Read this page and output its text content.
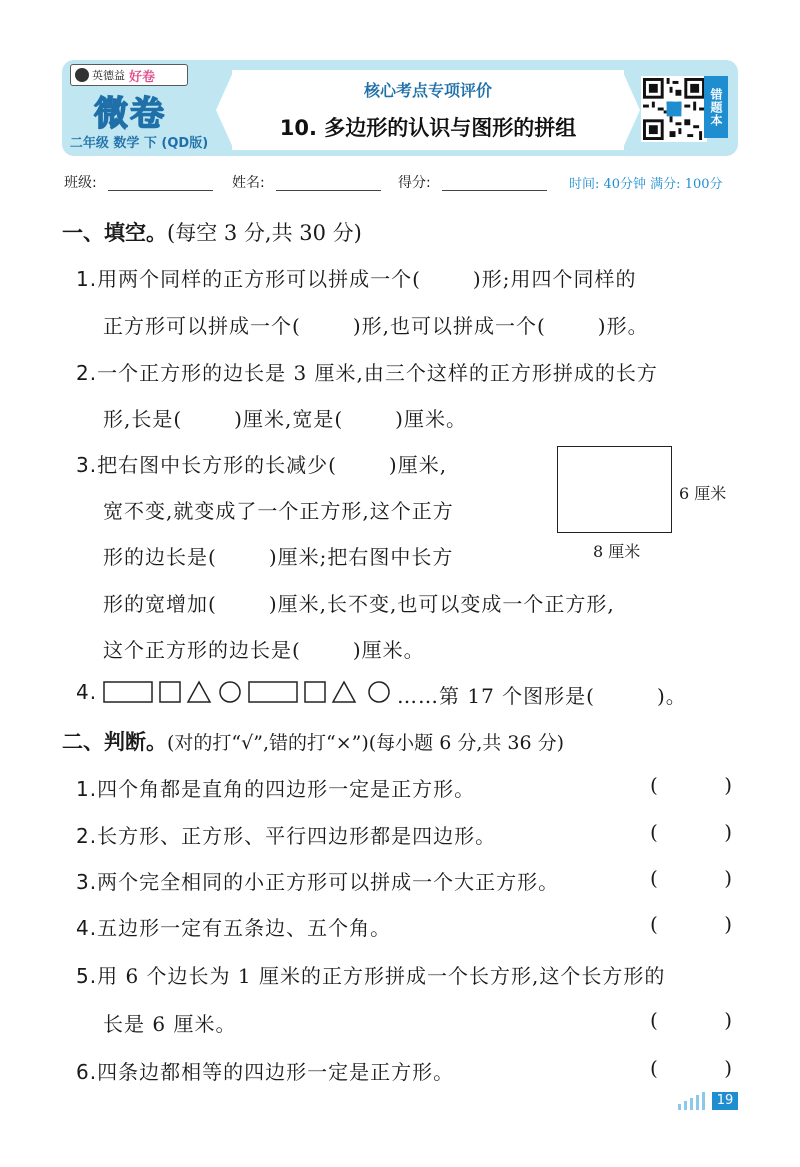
英德益 好卷
微卷
二年级 数学 下 (QD版)
核心考点专项评价
10. 多边形的认识与图形的拼组
错题本
班级:	姓名:	得分:	时间: 40分钟 满分: 100分
一、填空。(每空 3 分,共 30 分)
1.用两个同样的正方形可以拼成一个(	)形;用四个同样的
正方形可以拼成一个(	)形,也可以拼成一个(	)形。
2.一个正方形的边长是 3 厘米,由三个这样的正方形拼成的长方
形,长是(	)厘米,宽是(	)厘米。
3.把右图中长方形的长减少(	)厘米,
宽不变,就变成了一个正方形,这个正方
形的边长是(	)厘米;把右图中长方
形的宽增加(	)厘米,长不变,也可以变成一个正方形,
这个正方形的边长是(	)厘米。
6 厘米
8 厘米
4.	……第 17 个图形是(	)。
二、判断。(对的打“√”,错的打“×”)(每小题 6 分,共 36 分)
1.四个角都是直角的四边形一定是正方形。	(	)
2.长方形、正方形、平行四边形都是四边形。	(	)
3.两个完全相同的小正方形可以拼成一个大正方形。	(	)
4.五边形一定有五条边、五个角。	(	)
5.用 6 个边长为 1 厘米的正方形拼成一个长方形,这个长方形的
长是 6 厘米。	(	)
6.四条边都相等的四边形一定是正方形。	(	)
19
